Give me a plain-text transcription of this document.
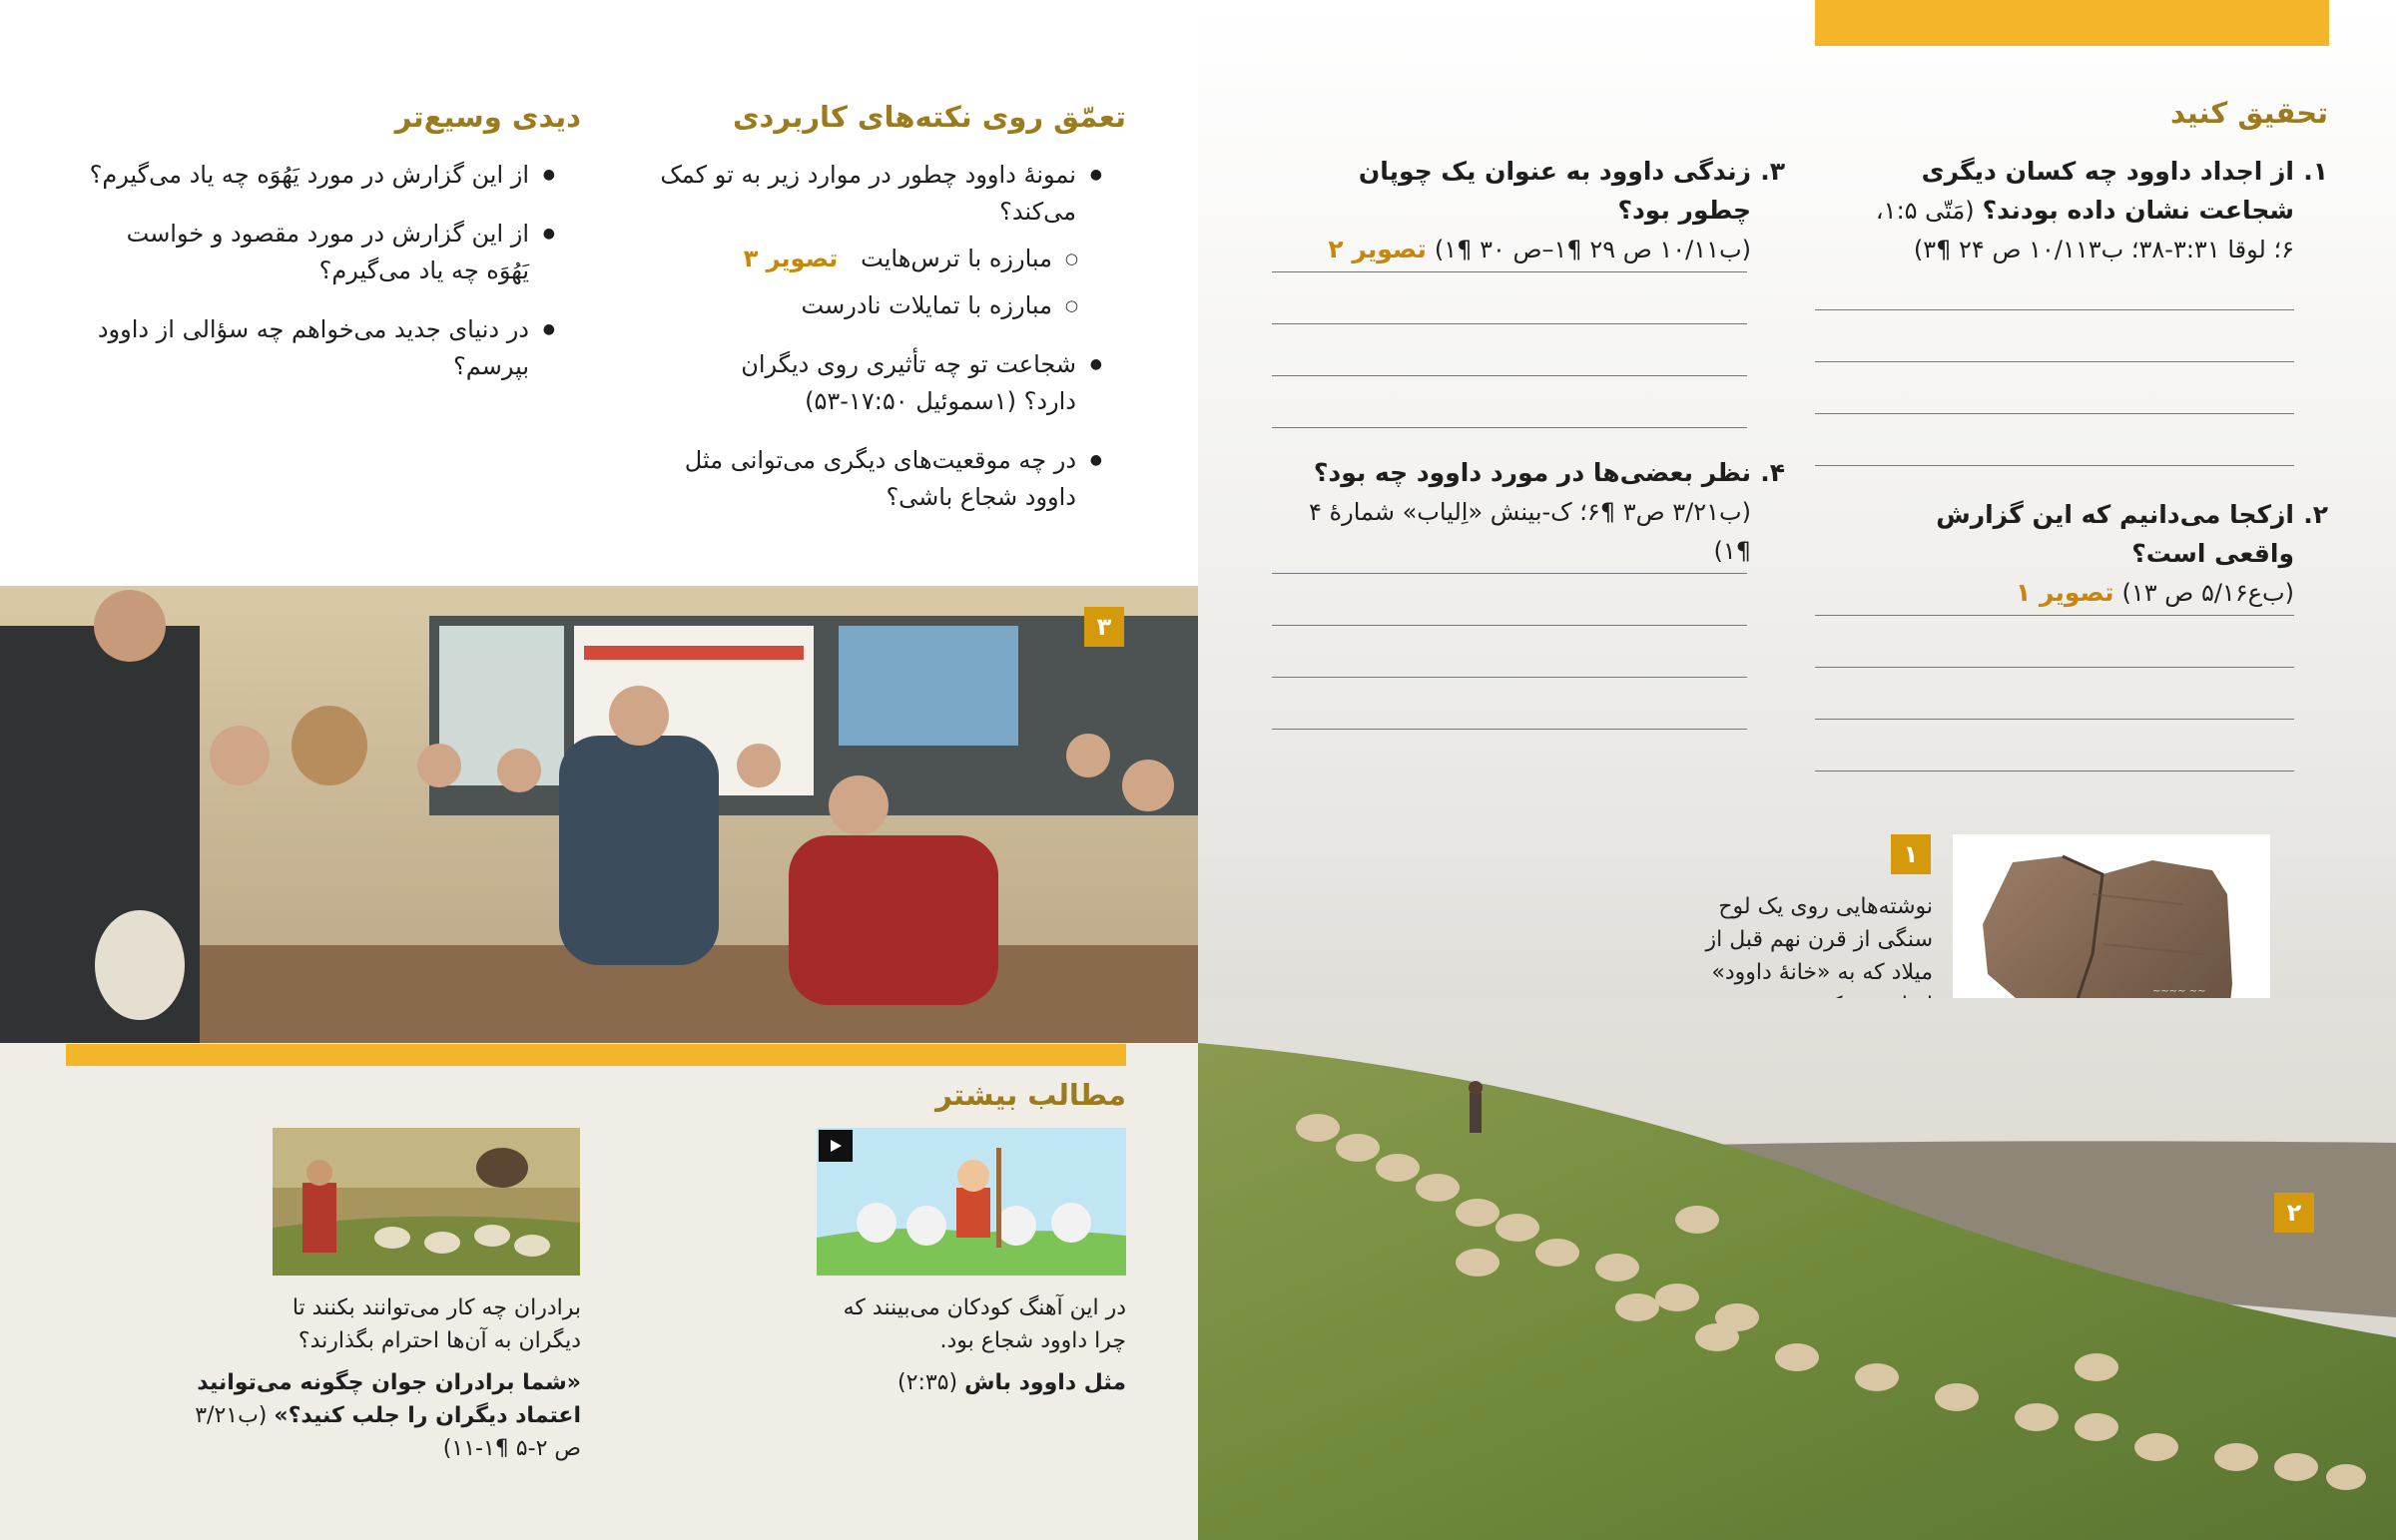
تحقیق کنید
۱.
از اجداد داوود چه کسان دیگری شجاعت نشان داده بودند؟ (مَتّی ۱:۵، ۶؛ لوقا ۳:۳۱-۳۸؛ ب۱۰/۱۱۳ ص ۲۴ ¶۳)
۲.
ازکجا می‌دانیم که این گزارش واقعی است؟
(ب‌ع۵/۱۶ ص ۱۳) تصویر ۱
۳.
زندگی داوود به عنوان یک چوپان چطور بود؟
(ب۱۰/۱۱ ص ۲۹ ¶۱–ص ۳۰ ¶۱) تصویر ۲
۴.
نظر بعضی‌ها در مورد داوود چه بود؟
(ب۳/۲۱ ص۳ ¶۶؛ ک-بینش «اِلیاب» شمارهٔ ۴ ¶۱)
۱
~~~~ ~~
نوشته‌هایی روی یک لوح سنگی از قرن نهم قبل از میلاد که به «خانهٔ داوود»
۲
تعمّق روی نکته‌های کاربردی
● نمونهٔ داوود چطور در موارد زیر به تو کمک می‌کند؟
○ مبارزه با ترس‌هایت   تصویر ۳
○ مبارزه با تمایلات نادرست
● شجاعت تو چه تأثیری روی دیگران دارد؟ (۱سموئیل ۱۷:۵۰-۵۳)
● در چه موقعیت‌های دیگری می‌توانی مثل داوود شجاع باشی؟
دیدی وسیع‌تر
● از این گزارش در مورد یَهُوَه چه یاد می‌گیرم؟
● از این گزارش در مورد مقصود و خواست یَهُوَه چه یاد می‌گیرم؟
● در دنیای جدید می‌خواهم چه سؤالی از داوود بپرسم؟
۳
مطالب بیشتر
در این آهنگ کودکان می‌بینند که چرا داوود شجاع بود.
مثل داوود باش (۲:۳۵)
برادران چه کار می‌توانند بکنند تا دیگران به آن‌ها احترام بگذارند؟
«شما برادران جوان چگونه می‌توانید اعتماد دیگران را جلب کنید؟» (ب۳/۲۱ ص ۲-۵ ¶۱-۱۱)
